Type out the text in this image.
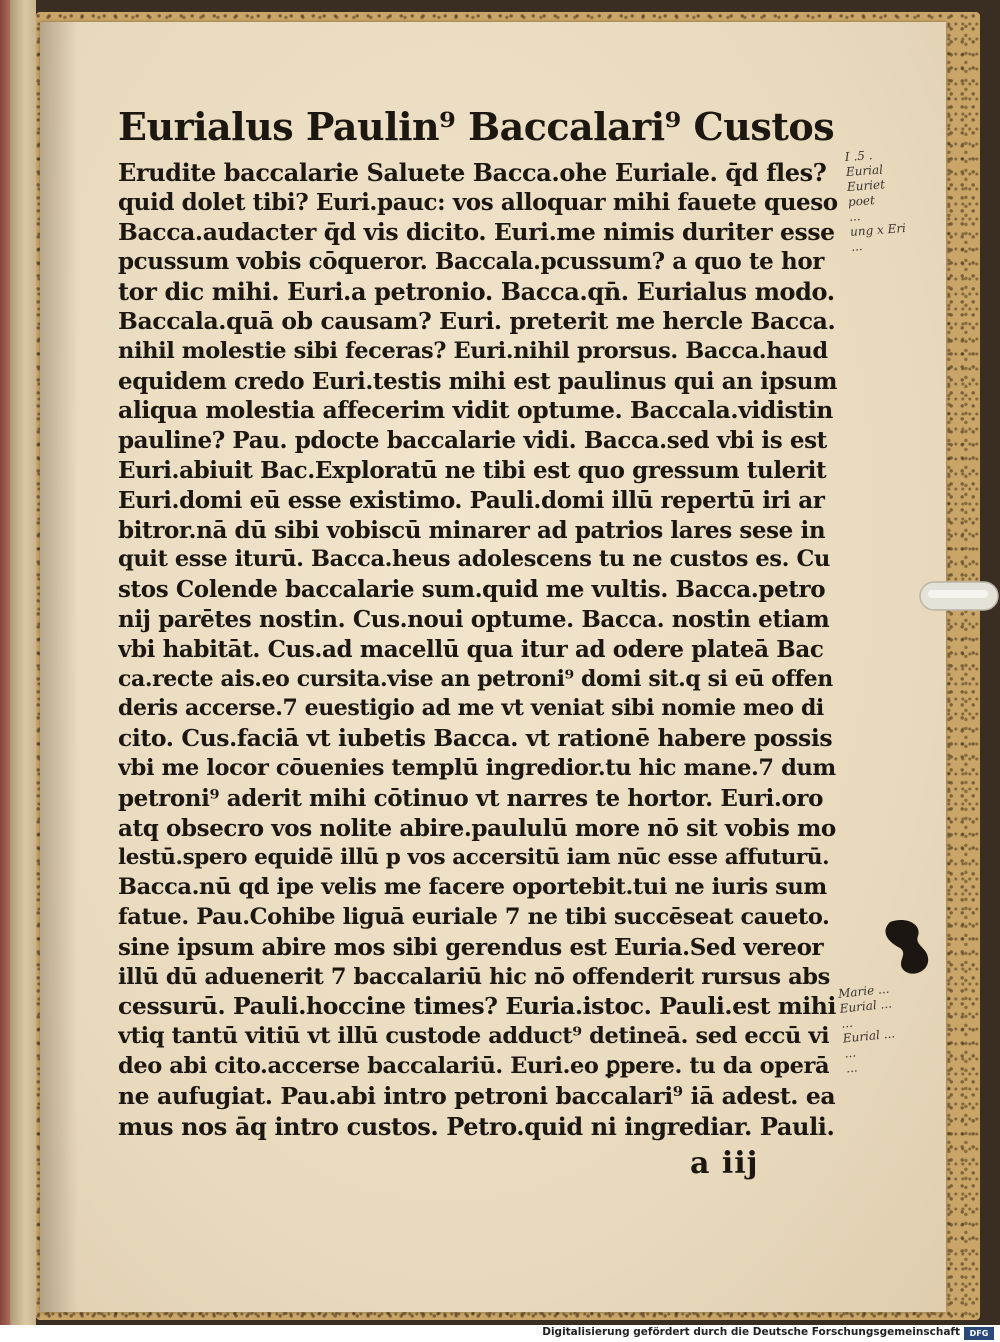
Eurialus Paulin⁹ Baccalari⁹ Custos
Erudite baccalarie Saluete Bacca.ohe Euriale. q̄d fles?
quid dolet tibi? Euri.pauc: vos alloquar mihi fauete queso
Bacca.audacter q̄d vis dicito. Euri.me nimis duriter esse
pcussum vobis cōqueror. Baccala.pcussum? a quo te hor
tor dic mihi. Euri.a petronio. Bacca.qn̄. Eurialus modo.
Baccala.quā ob causam? Euri. preterit me hercle Bacca.
nihil molestie sibi feceras? Euri.nihil prorsus. Bacca.haud
equidem credo Euri.testis mihi est paulinus qui an ipsum
aliqua molestia affecerim vidit optume. Baccala.vidistin
pauline? Pau. pdocte baccalarie vidi. Bacca.sed vbi is est
Euri.abiuit Bac.Exploratū ne tibi est quo gressum tulerit
Euri.domi eū esse existimo. Pauli.domi illū repertū iri ar
bitror.nā dū sibi vobiscū minarer ad patrios lares sese in
quit esse iturū. Bacca.heus adolescens tu ne custos es. Cu
stos Colende baccalarie sum.quid me vultis. Bacca.petro
nij parētes nostin. Cus.noui optume. Bacca. nostin etiam
vbi habitāt. Cus.ad macellū qua itur ad odere plateā Bac
ca.recte ais.eo cursita.vise an petroni⁹ domi sit.q si eū offen
deris accerse.7 euestigio ad me vt veniat sibi nomie meo di
cito. Cus.faciā vt iubetis Bacca. vt rationē habere possis
vbi me locor cōuenies templū ingredior.tu hic mane.7 dum
petroni⁹ aderit mihi cōtinuo vt narres te hortor. Euri.oro
atq obsecro vos nolite abire.paululū more nō sit vobis mo
lestū.spero equidē illū p vos accersitū iam nūc esse affuturū.
Bacca.nū qd ipe velis me facere oportebit.tui ne iuris sum
fatue. Pau.Cohibe liguā euriale 7 ne tibi succēseat caueto.
sine ipsum abire mos sibi gerendus est Euria.Sed vereor
illū dū aduenerit 7 baccalariū hic nō offenderit rursus abs
cessurū. Pauli.hoccine times? Euria.istoc. Pauli.est mihi
vtiq tantū vitiū vt illū custode adduct⁹ detineā. sed eccū vi
deo abi cito.accerse baccalariū. Euri.eo ꝑpere. tu da operā
ne aufugiat. Pau.abi intro petroni baccalari⁹ iā adest. ea
mus nos āq intro custos. Petro.quid ni ingrediar. Pauli.
a iij
I .5 .
Eurial
Euriet
poet
...
ung x Eri
...
Marie ...
Eurial ...
...
Eurial ...
...
...
Digitalisierung gefördert durch die Deutsche Forschungsgemeinschaft	DFG
